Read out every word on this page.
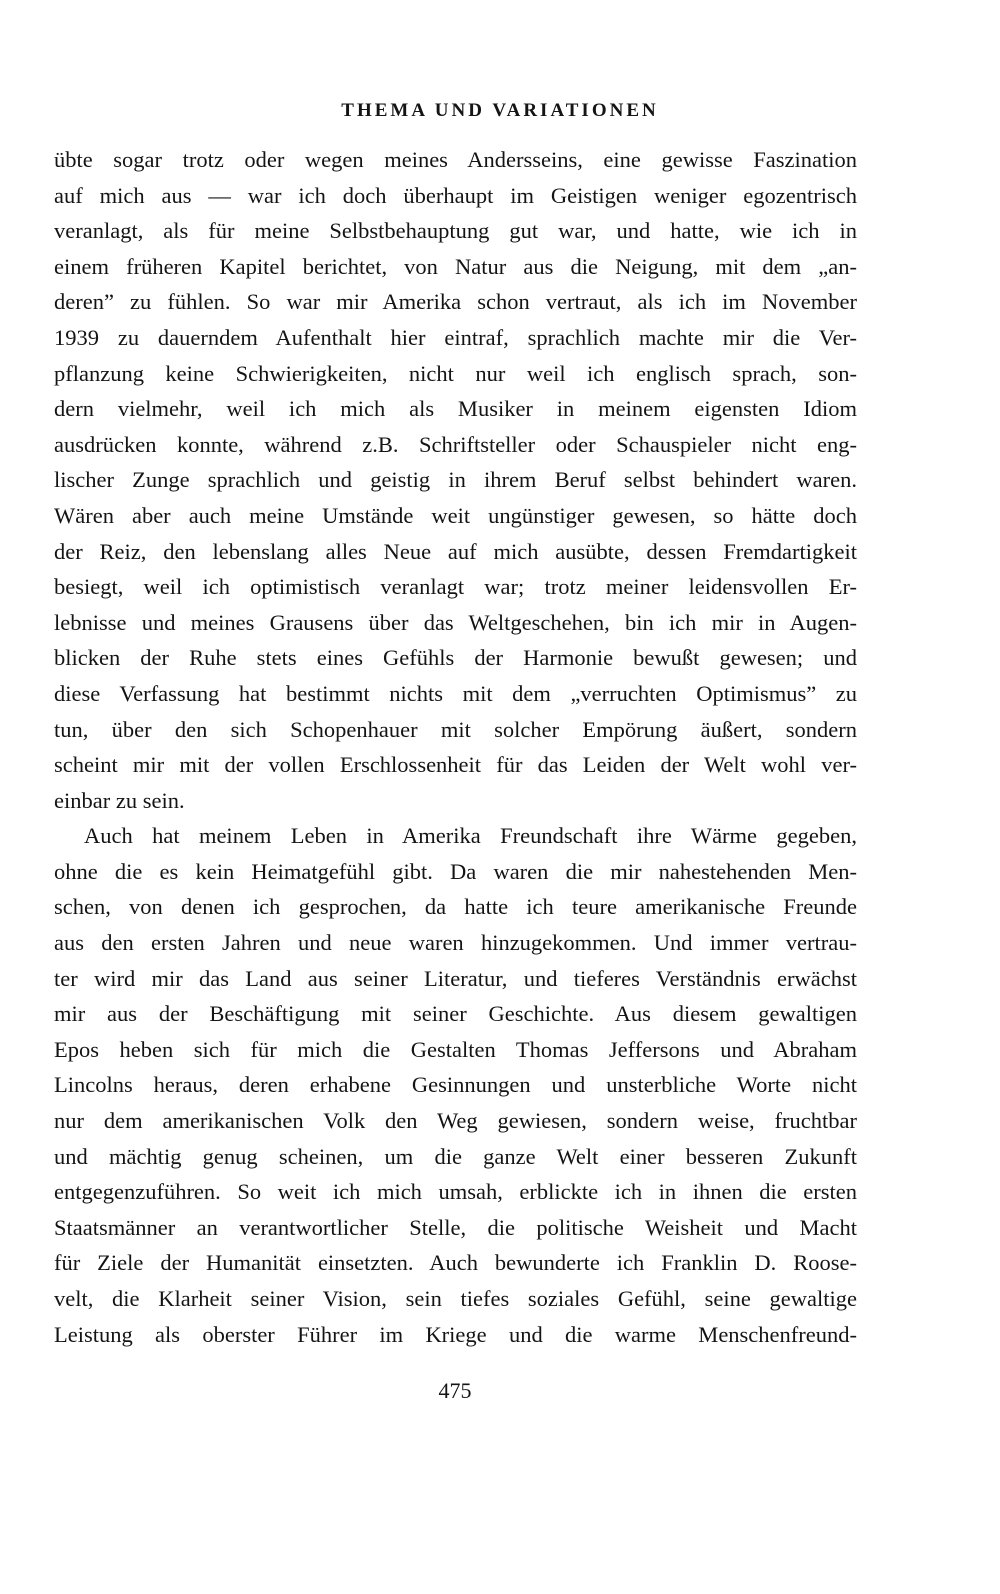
THEMA UND VARIATIONEN
übte sogar trotz oder wegen meines Andersseins, eine gewisse Faszination
auf mich aus — war ich doch überhaupt im Geistigen weniger egozentrisch
veranlagt, als für meine Selbstbehauptung gut war, und hatte, wie ich in
einem früheren Kapitel berichtet, von Natur aus die Neigung, mit dem „an-
deren” zu fühlen. So war mir Amerika schon vertraut, als ich im November
1939 zu dauerndem Aufenthalt hier eintraf, sprachlich machte mir die Ver-
pflanzung keine Schwierigkeiten, nicht nur weil ich englisch sprach, son-
dern vielmehr, weil ich mich als Musiker in meinem eigensten Idiom
ausdrücken konnte, während z.B. Schriftsteller oder Schauspieler nicht eng-
lischer Zunge sprachlich und geistig in ihrem Beruf selbst behindert waren.
Wären aber auch meine Umstände weit ungünstiger gewesen, so hätte doch
der Reiz, den lebenslang alles Neue auf mich ausübte, dessen Fremdartigkeit
besiegt, weil ich optimistisch veranlagt war; trotz meiner leidensvollen Er-
lebnisse und meines Grausens über das Weltgeschehen, bin ich mir in Augen-
blicken der Ruhe stets eines Gefühls der Harmonie bewußt gewesen; und
diese Verfassung hat bestimmt nichts mit dem „verruchten Optimismus” zu
tun, über den sich Schopenhauer mit solcher Empörung äußert, sondern
scheint mir mit der vollen Erschlossenheit für das Leiden der Welt wohl ver-
einbar zu sein.
Auch hat meinem Leben in Amerika Freundschaft ihre Wärme gegeben,
ohne die es kein Heimatgefühl gibt. Da waren die mir nahestehenden Men-
schen, von denen ich gesprochen, da hatte ich teure amerikanische Freunde
aus den ersten Jahren und neue waren hinzugekommen. Und immer vertrau-
ter wird mir das Land aus seiner Literatur, und tieferes Verständnis erwächst
mir aus der Beschäftigung mit seiner Geschichte. Aus diesem gewaltigen
Epos heben sich für mich die Gestalten Thomas Jeffersons und Abraham
Lincolns heraus, deren erhabene Gesinnungen und unsterbliche Worte nicht
nur dem amerikanischen Volk den Weg gewiesen, sondern weise, fruchtbar
und mächtig genug scheinen, um die ganze Welt einer besseren Zukunft
entgegenzuführen. So weit ich mich umsah, erblickte ich in ihnen die ersten
Staatsmänner an verantwortlicher Stelle, die politische Weisheit und Macht
für Ziele der Humanität einsetzten. Auch bewunderte ich Franklin D. Roose-
velt, die Klarheit seiner Vision, sein tiefes soziales Gefühl, seine gewaltige
Leistung als oberster Führer im Kriege und die warme Menschenfreund-
475
